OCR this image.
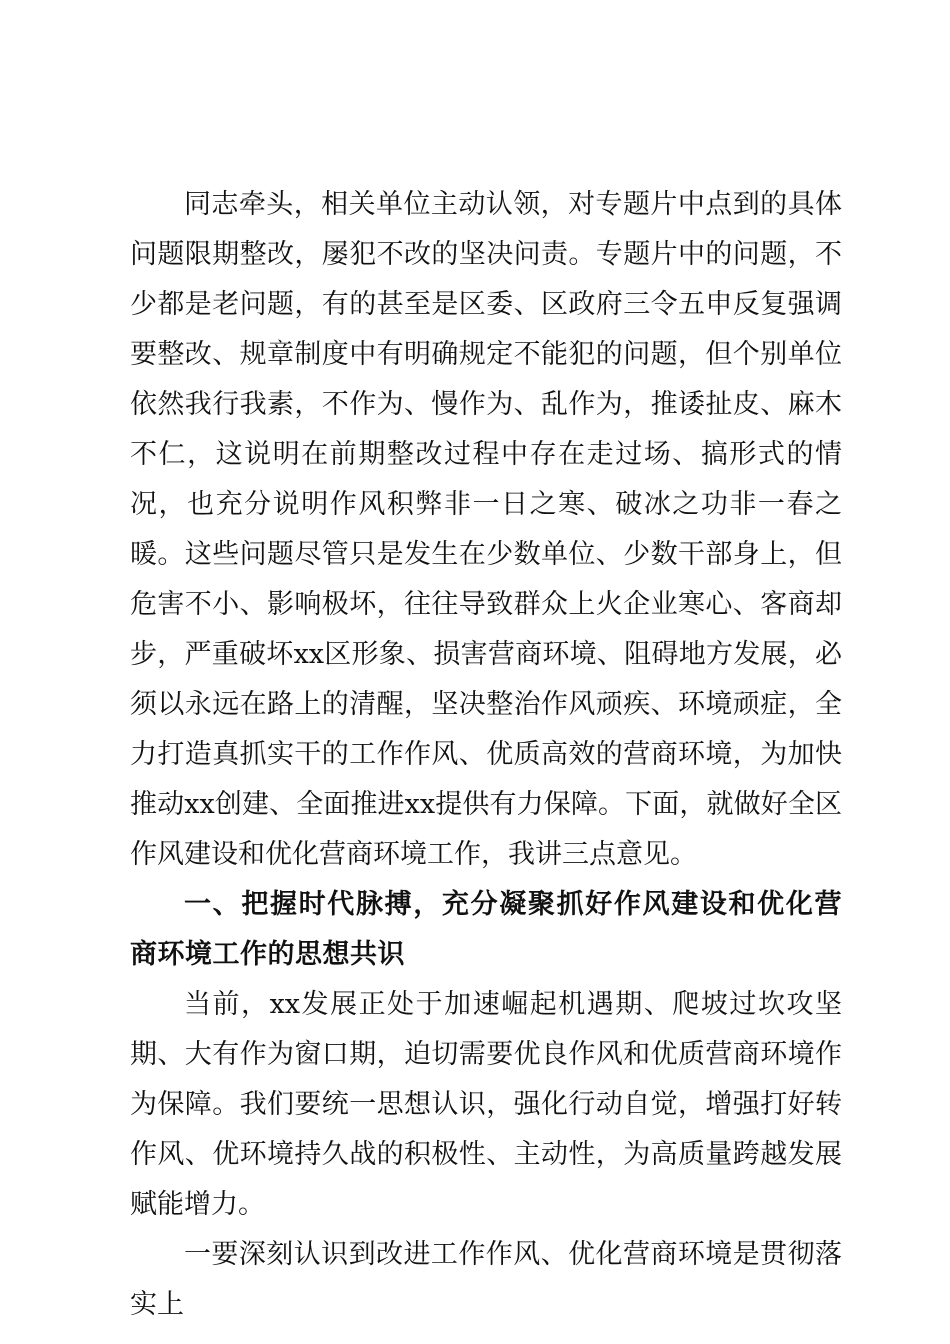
同志牵头，相关单位主动认领，对专题片中点到的具体问题限期整改，屡犯不改的坚决问责。专题片中的问题，不少都是老问题，有的甚至是区委、区政府三令五申反复强调要整改、规章制度中有明确规定不能犯的问题，但个别单位依然我行我素，不作为、慢作为、乱作为，推诿扯皮、麻木不仁，这说明在前期整改过程中存在走过场、搞形式的情况，也充分说明作风积弊非一日之寒、破冰之功非一春之暖。这些问题尽管只是发生在少数单位、少数干部身上，但危害不小、影响极坏，往往导致群众上火企业寒心、客商却步，严重破坏xx区形象、损害营商环境、阻碍地方发展，必须以永远在路上的清醒，坚决整治作风顽疾、环境顽症，全力打造真抓实干的工作作风、优质高效的营商环境，为加快推动xx创建、全面推进xx提供有力保障。下面，就做好全区作风建设和优化营商环境工作，我讲三点意见。

一、把握时代脉搏，充分凝聚抓好作风建设和优化营商环境工作的思想共识

当前，xx发展正处于加速崛起机遇期、爬坡过坎攻坚期、大有作为窗口期，迫切需要优良作风和优质营商环境作为保障。我们要统一思想认识，强化行动自觉，增强打好转作风、优环境持久战的积极性、主动性，为高质量跨越发展赋能增力。

一要深刻认识到改进工作作风、优化营商环境是贯彻落实上
